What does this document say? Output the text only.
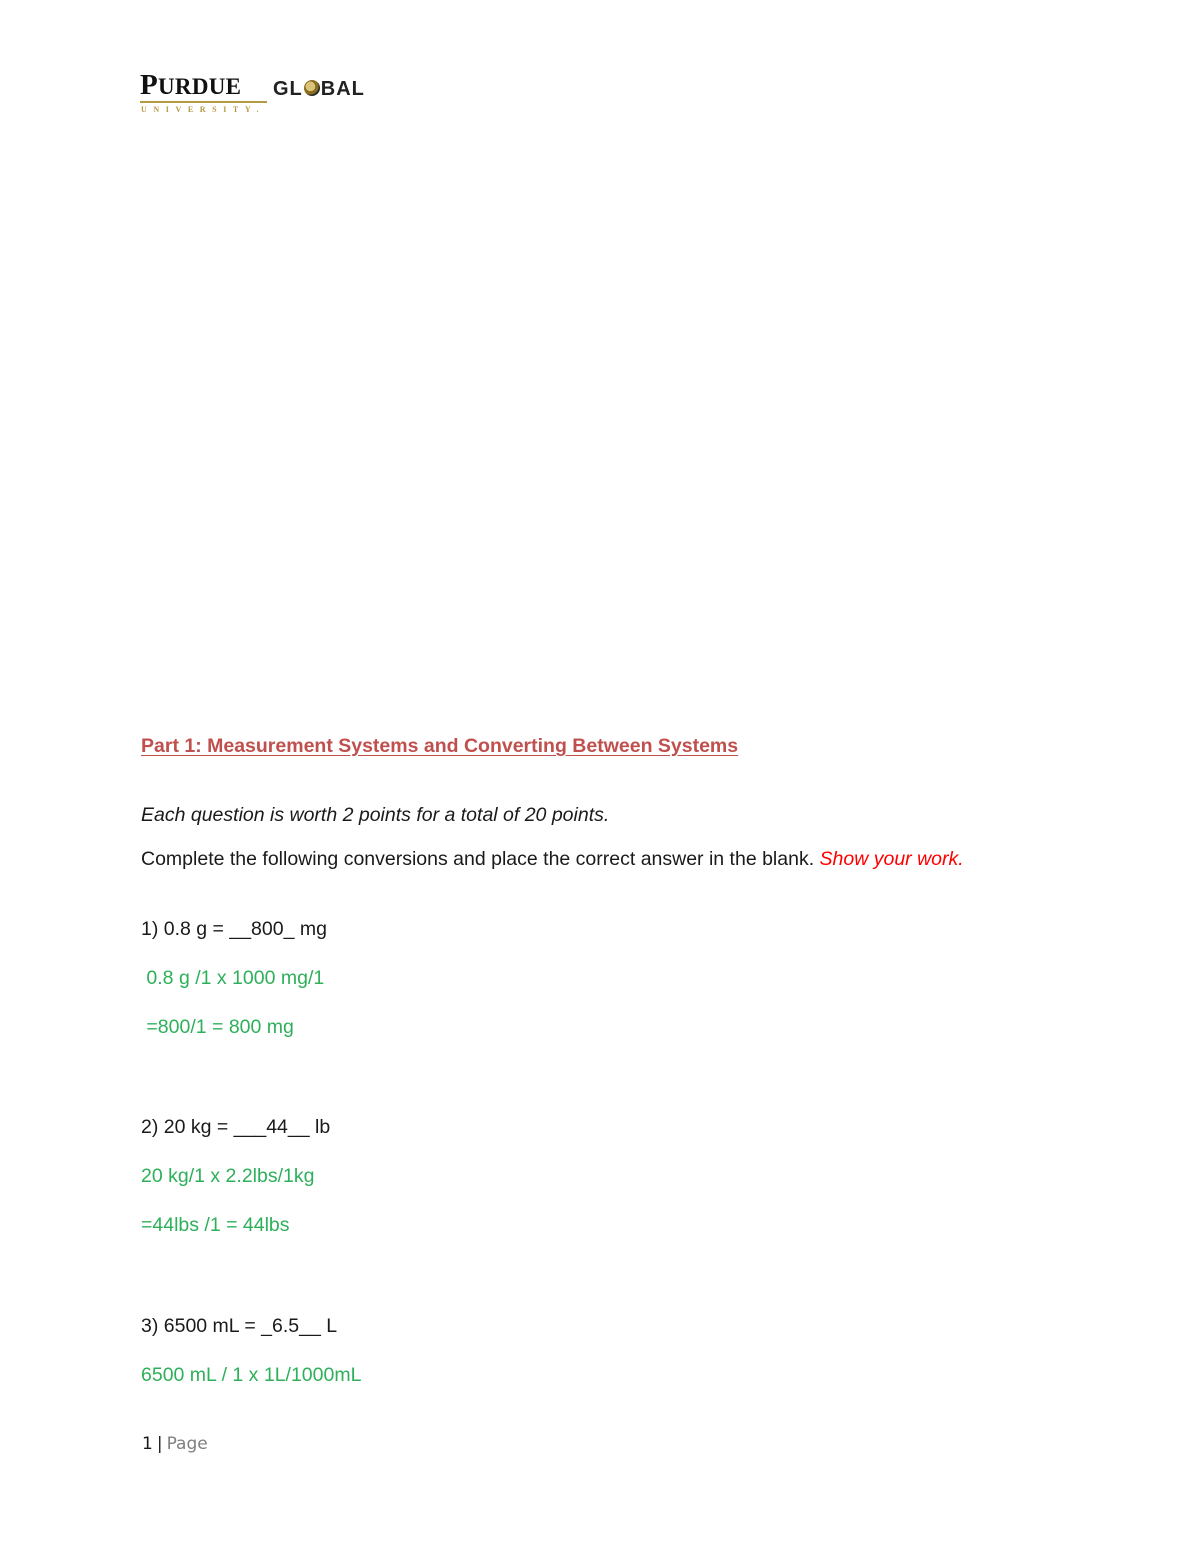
PURDUE
UNIVERSITY.
GL BAL
Part 1: Measurement Systems and Converting Between Systems
Each question is worth 2 points for a total of 20 points.
Complete the following conversions and place the correct answer in the blank. Show your work.
1) 0.8 g = __800_ mg
0.8 g /1 x 1000 mg/1
=800/1 = 800 mg
2) 20 kg = ___44__ lb
20 kg/1 x 2.2lbs/1kg
=44lbs /1 = 44lbs
3) 6500 mL = _6.5__ L
6500 mL / 1 x 1L/1000mL
1 | Page
